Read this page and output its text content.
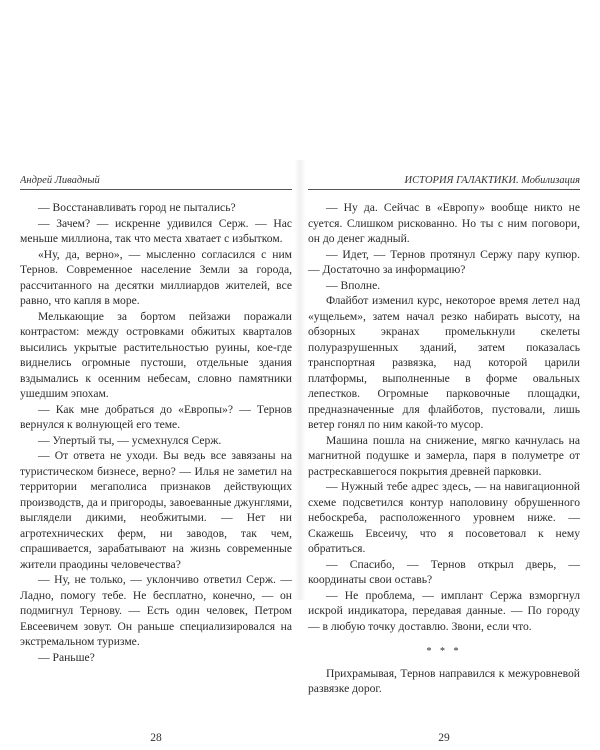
Андрей Ливадный

— Восстанавливать город не пытались?

— Зачем? — искренне удивился Серж. — Нас меньше миллиона, так что места хватает с избытком.

«Ну, да, верно», — мысленно согласился с ним Тернов. Современное население Земли за города, рассчитанного на десятки миллиардов жителей, все равно, что капля в море.

Мелькающие за бортом пейзажи поражали контрастом: между островками обжитых кварталов высились укрытые растительностью руины, кое-где виднелись огромные пустоши, отдельные здания вздымались к осенним небесам, словно памятники ушедшим эпохам.

— Как мне добраться до «Европы»? — Тернов вернулся к волнующей его теме.

— Упертый ты, — усмехнулся Серж.

— От ответа не уходи. Вы ведь все завязаны на туристическом бизнесе, верно? — Илья не заметил на территории мегаполиса признаков действующих производств, да и пригороды, завоеванные джунглями, выглядели дикими, необжитыми. — Нет ни агротехнических ферм, ни заводов, так чем, спрашивается, зарабатывают на жизнь современные жители праодины человечества?

— Ну, не только, — уклончиво ответил Серж. — Ладно, помогу тебе. Не бесплатно, конечно, — он подмигнул Тернову. — Есть один человек, Петром Евсеевичем зовут. Он раньше специализировался на экстремальном туризме.

— Раньше?

28
ИСТОРИЯ ГАЛАКТИКИ. Мобилизация

— Ну да. Сейчас в «Европу» вообще никто не суется. Слишком рискованно. Но ты с ним поговори, он до денег жадный.

— Идет, — Тернов протянул Сержу пару купюр. — Достаточно за информацию?

— Вполне.

Флайбот изменил курс, некоторое время летел над «ущельем», затем начал резко набирать высоту, на обзорных экранах промелькнули скелеты полуразрушенных зданий, затем показалась транспортная развязка, над которой царили платформы, выполненные в форме овальных лепестков. Огромные парковочные площадки, предназначенные для флайботов, пустовали, лишь ветер гонял по ним какой-то мусор.

Машина пошла на снижение, мягко качнулась на магнитной подушке и замерла, паря в полуметре от растрескавшегося покрытия древней парковки.

— Нужный тебе адрес здесь, — на навигационной схеме подсветился контур наполовину обрушенного небоскреба, расположенного уровнем ниже. — Скажешь Евсеичу, что я посоветовал к нему обратиться.

— Спасибо, — Тернов открыл дверь, — координаты свои оставь?

— Не проблема, — имплант Сержа взморгнул искрой индикатора, передавая данные. — По городу — в любую точку доставлю. Звони, если что.

* * *

Прихрамывая, Тернов направился к межуровневой развязке дорог.

29
